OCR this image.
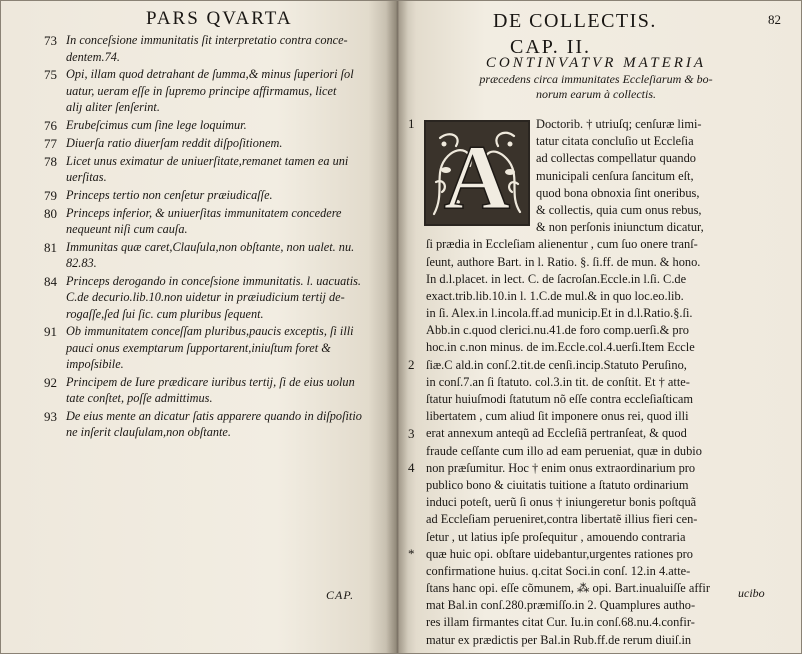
PARS QVARTA
73 In conceſsione immunitatis ſit interpretatio contra conce-
dentem.74.
75 Opi, illam quod detrahant de ſumma,& minus ſuperiori ſol
uatur, ueram eſſe in ſupremo principe affirmamus, licet
aliȷ aliter ſenſerint.
76 Erubeſcimus cum ſine lege loquimur.
77 Diuerſa ratio diuerſam reddit diſpoſitionem.
78 Licet unus eximatur de uniuerſitate,remanet tamen ea uni
uerſitas.
79 Princeps tertio non cenſetur præiudicaſſe.
80 Princeps inferior, & uniuerſitas immunitatem concedere
nequeunt niſi cum cauſa.
81 Immunitas quæ caret,Clauſula,non obſtante, non ualet. nu.
82.83.
84 Princeps derogando in conceſsione immunitatis. l. uacuatis.
C.de decurio.lib.10.non uidetur in præiudicium tertij de-
rogaſſe,ſed ſui ſic. cum pluribus ſequent.
91 Ob immunitatem conceſſam pluribus,paucis exceptis, ſi illi
pauci onus exemptarum ſupportarent,iniuſtum foret &
impoſsibile.
92 Principem de Iure prædicare iuribus tertij, ſi de eius uolun
tate conſtet, poſſe admittimus.
93 De eius mente an dicatur ſatis apparere quando in diſpoſitio
ne inſerit clauſulam,non obſtante.
CAP.
DE COLLECTIS.	82
CAP. II.
CONTINVATVR MATERIA
præcedens circa immunitates Eccleſiarum & bo-
norum earum à collectis.
1
2
3
4
*
Doctorib. † utriuſq; cenſuræ limi-
tatur citata concluſio ut Eccleſia
ad collectas compellatur quando
municipali cenſura ſancitum eſt,
quod bona obnoxia ſint oneribus,
& collectis, quia cum onus rebus,
& non perſonis iniunctum dicatur,
ſi prædia in Eccleſiam alienentur , cum ſuo onere tranſ-
ſeunt, authore Bart. in l. Ratio. §. ſi.ff. de mun. & hono.
In d.l.placet. in lect. C. de ſacroſan.Eccle.in l.ſi. C.de
exact.trib.lib.10.in l. 1.C.de mul.& in quo loc.eo.lib.
in ſi. Alex.in l.incola.ff.ad municip.Et in d.l.Ratio.§.ſi.
Abb.in c.quod clerici.nu.41.de foro comp.uerſi.& pro
hoc.in c.non minus. de im.Eccle.col.4.uerſi.Item Eccle
ſiæ.C ald.in conſ.2.tit.de cenſi.incip.Statuto Peruſino,
in conſ.7.an ſi ſtatuto. col.3.in tit. de conſtit. Et † atte-
ſtatur huiuſmodi ſtatutum nõ eſſe contra eccleſiaſticam
libertatem , cum aliud ſit imponere onus rei, quod illi
erat annexum anteqũ ad Eccleſiã pertranſeat, & quod
fraude ceſſante cum illo ad eam perueniat, quæ in dubio
non præſumitur. Hoc † enim onus extraordinarium pro
publico bono & ciuitatis tuitione a ſtatuto ordinarium
induci poteſt, uerũ ſi onus † iniungeretur bonis poſtquã
ad Eccleſiam perueniret,contra libertatẽ illius fieri cen-
ſetur , ut latius ipſe proſequitur , amouendo contraria
quæ huic opi. obſtare uidebantur,urgentes rationes pro
confirmatione huius. q.citat Soci.in conſ. 12.in 4.atte-
ſtans hanc opi. eſſe cõmunem, ⁂ opi. Bart.inualuiſſe affir
mat Bal.in conſ.280.præmiſſo.in 2. Quamplures autho-
res illam firmantes citat Cur. Iu.in conſ.68.nu.4.confir-
matur ex prædictis per Bal.in Rub.ff.de rerum diuiſ.in
A
ucibo
